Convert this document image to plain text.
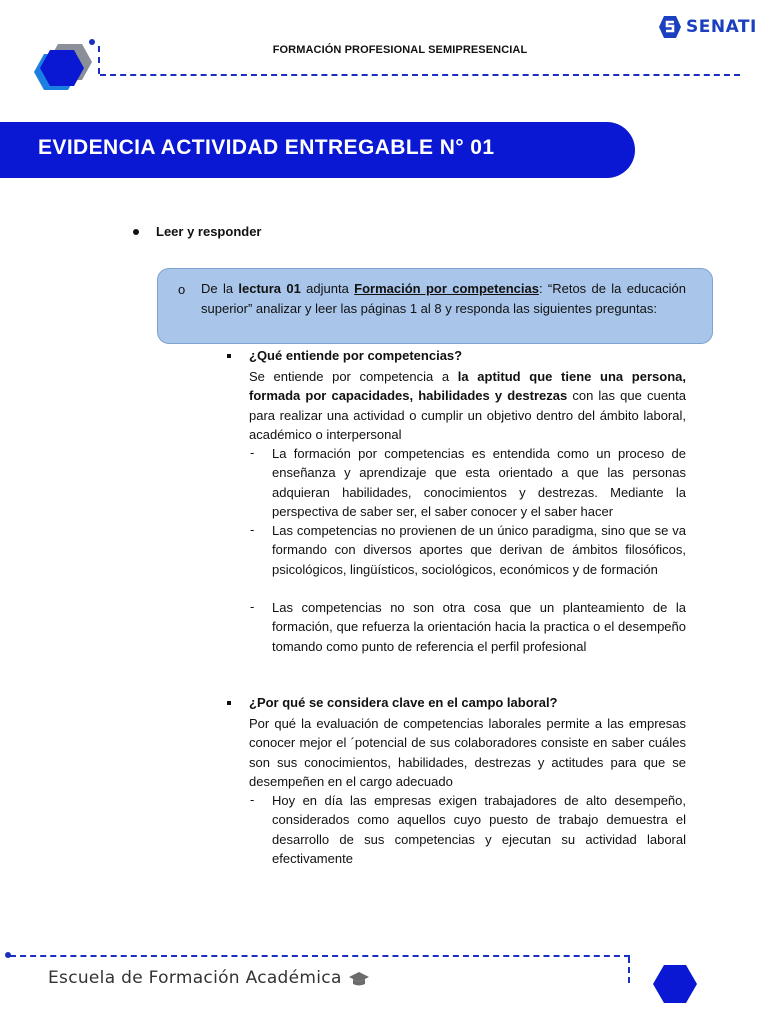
FORMACIÓN PROFESIONAL SEMIPRESENCIAL
SENATI
EVIDENCIA ACTIVIDAD ENTREGABLE N° 01
Leer y responder
o De la lectura 01 adjunta Formación por competencias: “Retos de la educación superior” analizar y leer las páginas 1 al 8 y responda las siguientes preguntas:
¿Qué entiende por competencias?
Se entiende por competencia a la aptitud que tiene una persona, formada por capacidades, habilidades y destrezas con las que cuenta para realizar una actividad o cumplir un objetivo dentro del ámbito laboral, académico o interpersonal
- La formación por competencias es entendida como un proceso de enseñanza y aprendizaje que esta orientado a que las personas adquieran habilidades, conocimientos y destrezas. Mediante la perspectiva de saber ser, el saber conocer y el saber hacer
- Las competencias no provienen de un único paradigma, sino que se va formando con diversos aportes que derivan de ámbitos filosóficos, psicológicos, lingüísticos, sociológicos, económicos y de formación
- Las competencias no son otra cosa que un planteamiento de la formación, que refuerza la orientación hacia la practica o el desempeño tomando como punto de referencia el perfil profesional
¿Por qué se considera clave en el campo laboral?
Por qué la evaluación de competencias laborales permite a las empresas conocer mejor el ´potencial de sus colaboradores consiste en saber cuáles son sus conocimientos, habilidades, destrezas y actitudes para que se desempeñen en el cargo adecuado
- Hoy en día las empresas exigen trabajadores de alto desempeño, considerados como aquellos cuyo puesto de trabajo demuestra el desarrollo de sus competencias y ejecutan su actividad laboral efectivamente
Escuela de Formación Académica
